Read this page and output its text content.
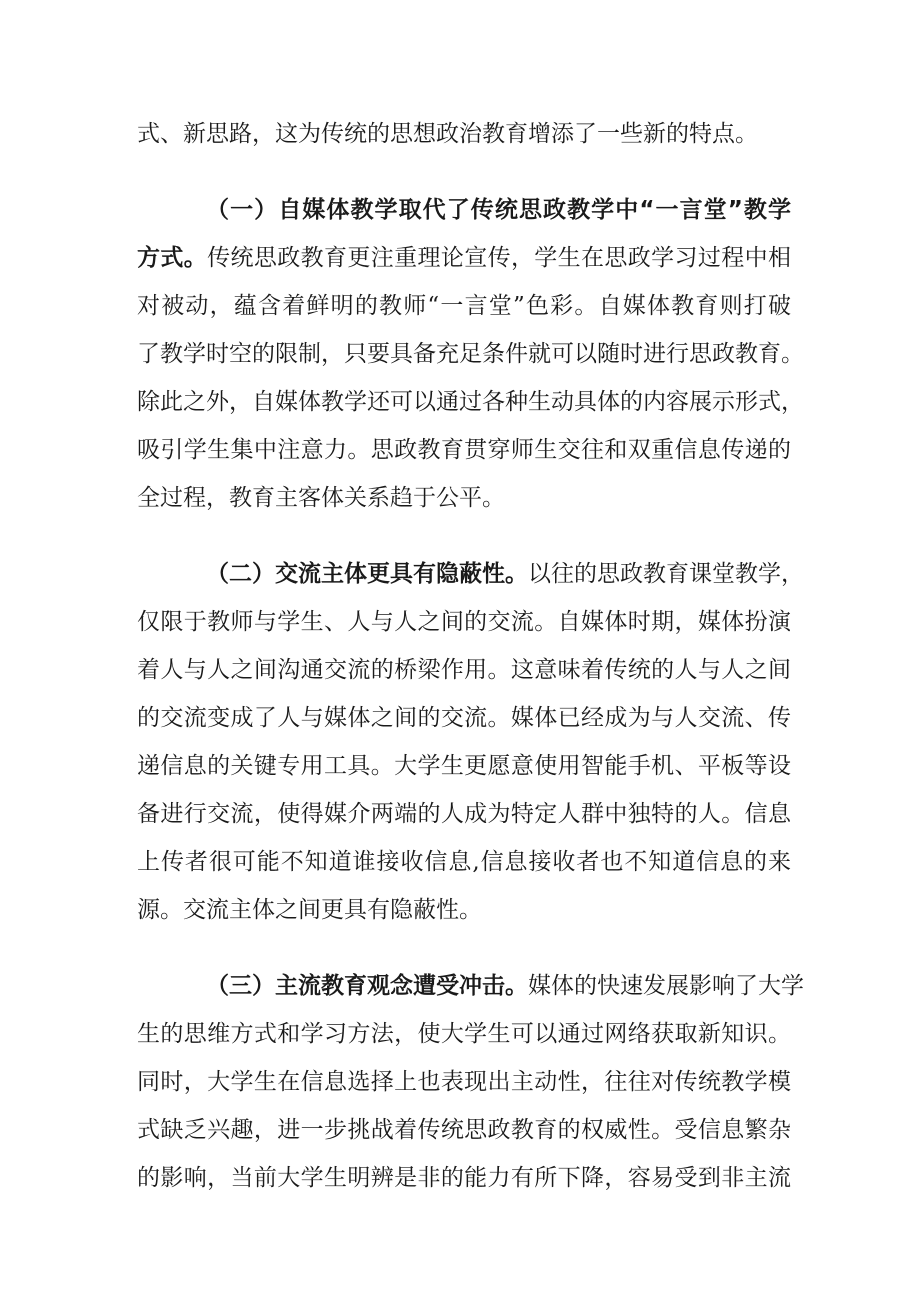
式、新思路，这为传统的思想政治教育增添了一些新的特点。
（一）自媒体教学取代了传统思政教学中“一言堂”教学
方式。传统思政教育更注重理论宣传，学生在思政学习过程中相
对被动，蕴含着鲜明的教师“一言堂”色彩。自媒体教育则打破
了教学时空的限制，只要具备充足条件就可以随时进行思政教育。
除此之外，自媒体教学还可以通过各种生动具体的内容展示形式，
吸引学生集中注意力。思政教育贯穿师生交往和双重信息传递的
全过程，教育主客体关系趋于公平。
（二）交流主体更具有隐蔽性。以往的思政教育课堂教学，
仅限于教师与学生、人与人之间的交流。自媒体时期，媒体扮演
着人与人之间沟通交流的桥梁作用。这意味着传统的人与人之间
的交流变成了人与媒体之间的交流。媒体已经成为与人交流、传
递信息的关键专用工具。大学生更愿意使用智能手机、平板等设
备进行交流，使得媒介两端的人成为特定人群中独特的人。信息
上传者很可能不知道谁接收信息,信息接收者也不知道信息的来
源。交流主体之间更具有隐蔽性。
（三）主流教育观念遭受冲击。媒体的快速发展影响了大学
生的思维方式和学习方法，使大学生可以通过网络获取新知识。
同时，大学生在信息选择上也表现出主动性，往往对传统教学模
式缺乏兴趣，进一步挑战着传统思政教育的权威性。受信息繁杂
的影响，当前大学生明辨是非的能力有所下降，容易受到非主流
